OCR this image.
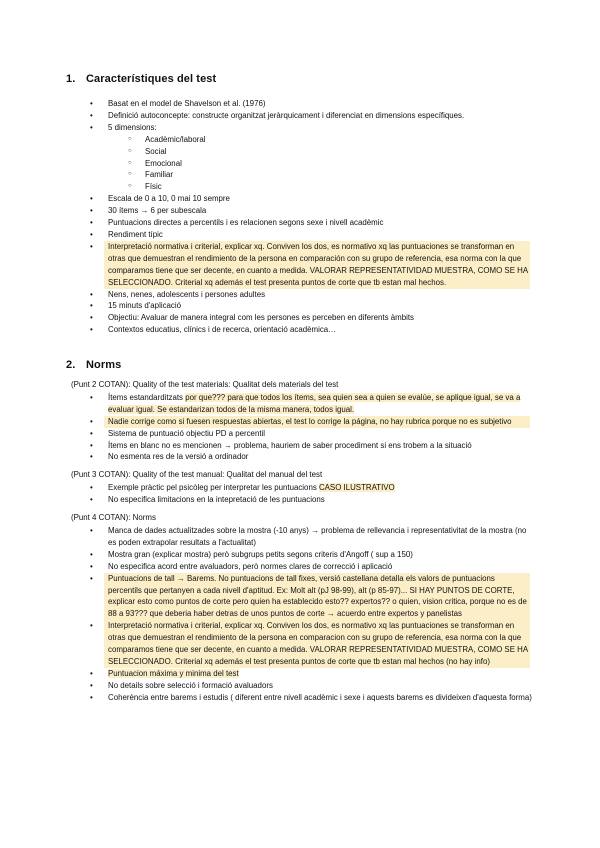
1. Característiques del test
• Basat en el model de Shavelson et al. (1976)
• Definició autoconcepte: constructe organitzat jeràrquicament i diferenciat en dimensions específiques.
• 5 dimensions:
○ Acadèmic/laboral
○ Social
○ Emocional
○ Familiar
○ Físic
• Escala de 0 a 10, 0 mai 10 sempre
• 30 ítems → 6 per subescala
• Puntuacions directes a percentils i es relacionen segons sexe i nivell acadèmic
• Rendiment típic
• Interpretació normativa i criterial, explicar xq. Conviven los dos, es normativo xq las puntuaciones se transforman en otras que demuestran el rendimiento de la persona en comparación con su grupo de referencia, esa norma con la que comparamos tiene que ser decente, en cuanto a medida. VALORAR REPRESENTATIVIDAD MUESTRA, COMO SE HA SELECCIONADO. Criterial xq además el test presenta puntos de corte que tb estan mal hechos.
• Nens, nenes, adolescents i persones adultes
• 15 minuts d'aplicació
• Objectiu: Avaluar de manera integral com les persones es perceben en diferents àmbits
• Contextos educatius, clínics i de recerca, orientació acadèmica…
2. Norms
(Punt 2 COTAN): Quality of the test materials: Qualitat dels materials del test
• Ítems estandarditzats por que??? para que todos los ítems, sea quien sea a quien se evalúe, se aplique igual, se va a evaluar igual. Se estandarizan todos de la misma manera, todos igual.
• Nadie corrige como si fuesen respuestas abiertas, el test lo corrige la página, no hay rubrica porque no es subjetivo
• Sistema de puntuació objectiu PD a percentil
• Ítems en blanc no es mencionen → problema, hauriem de saber procediment si ens trobem a la situació
• No esmenta res de la versió a ordinador
(Punt 3 COTAN): Quality of the test manual: Qualitat del manual del test
• Exemple pràctic pel psicòleg per interpretar les puntuacions CASO ILUSTRATIVO
• No especifica limitacions en la intepretació de les puntuacions
(Punt 4 COTAN): Norms
• Manca de dades actualitzades sobre la mostra (-10 anys) → problema de rellevancia i representativitat de la mostra (no es poden extrapolar resultats a l'actualitat)
• Mostra gran (explicar mostra) però subgrups petits segons criteris d'Angoff ( sup a 150)
• No especifica acord entre avaluadors, però normes clares de correcció i aplicació
• Puntuacions de tall → Barems. No puntuacions de tall fixes, versió castellana detalla els valors de puntuacions percentils que pertanyen a cada nivell d'aptitud. Ex: Molt alt (pJ 98-99), alt (p 85-97)... SI HAY PUNTOS DE CORTE, explicar esto como puntos de corte pero quien ha establecido esto?? expertos?? o quien, vision critica, porque no es de 88 a 93??? que deberia haber detras de unos puntos de corte → acuerdo entre expertos y panelistas
• Interpretació normativa i criterial, explicar xq. Conviven los dos, es normativo xq las puntuaciones se transforman en otras que demuestran el rendimiento de la persona en comparacion con su grupo de referencia, esa norma con la que comparamos tiene que ser decente, en cuanto a medida. VALORAR REPRESENTATIVIDAD MUESTRA, COMO SE HA SELECCIONADO. Criterial xq además el test presenta puntos de corte que tb estan mal hechos (no hay info)
• Puntuacion máxima y minima del test
• No details sobre selecció i formació avaluadors
• Coherència entre barems i estudis ( diferent entre nivell acadèmic i sexe i aquests barems es divideixen d'aquesta forma)
